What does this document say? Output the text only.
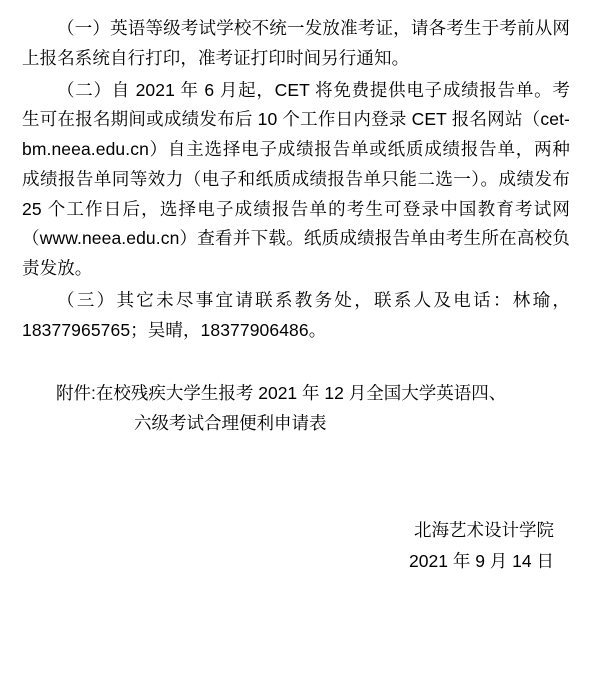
（一）英语等级考试学校不统一发放准考证，请各考生于考前从网上报名系统自行打印，准考证打印时间另行通知。

（二）自 2021 年 6 月起，CET 将免费提供电子成绩报告单。考生可在报名期间或成绩发布后 10 个工作日内登录 CET 报名网站（cet-bm.neea.edu.cn）自主选择电子成绩报告单或纸质成绩报告单，两种成绩报告单同等效力（电子和纸质成绩报告单只能二选一）。成绩发布 25 个工作日后，选择电子成绩报告单的考生可登录中国教育考试网（www.neea.edu.cn）查看并下载。纸质成绩报告单由考生所在高校负责发放。

（三）其它未尽事宜请联系教务处，联系人及电话：林瑜，18377965765；吴晴，18377906486。

附件:在校残疾大学生报考 2021 年 12 月全国大学英语四、
六级考试合理便利申请表
北海艺术设计学院
2021 年 9 月 14 日
